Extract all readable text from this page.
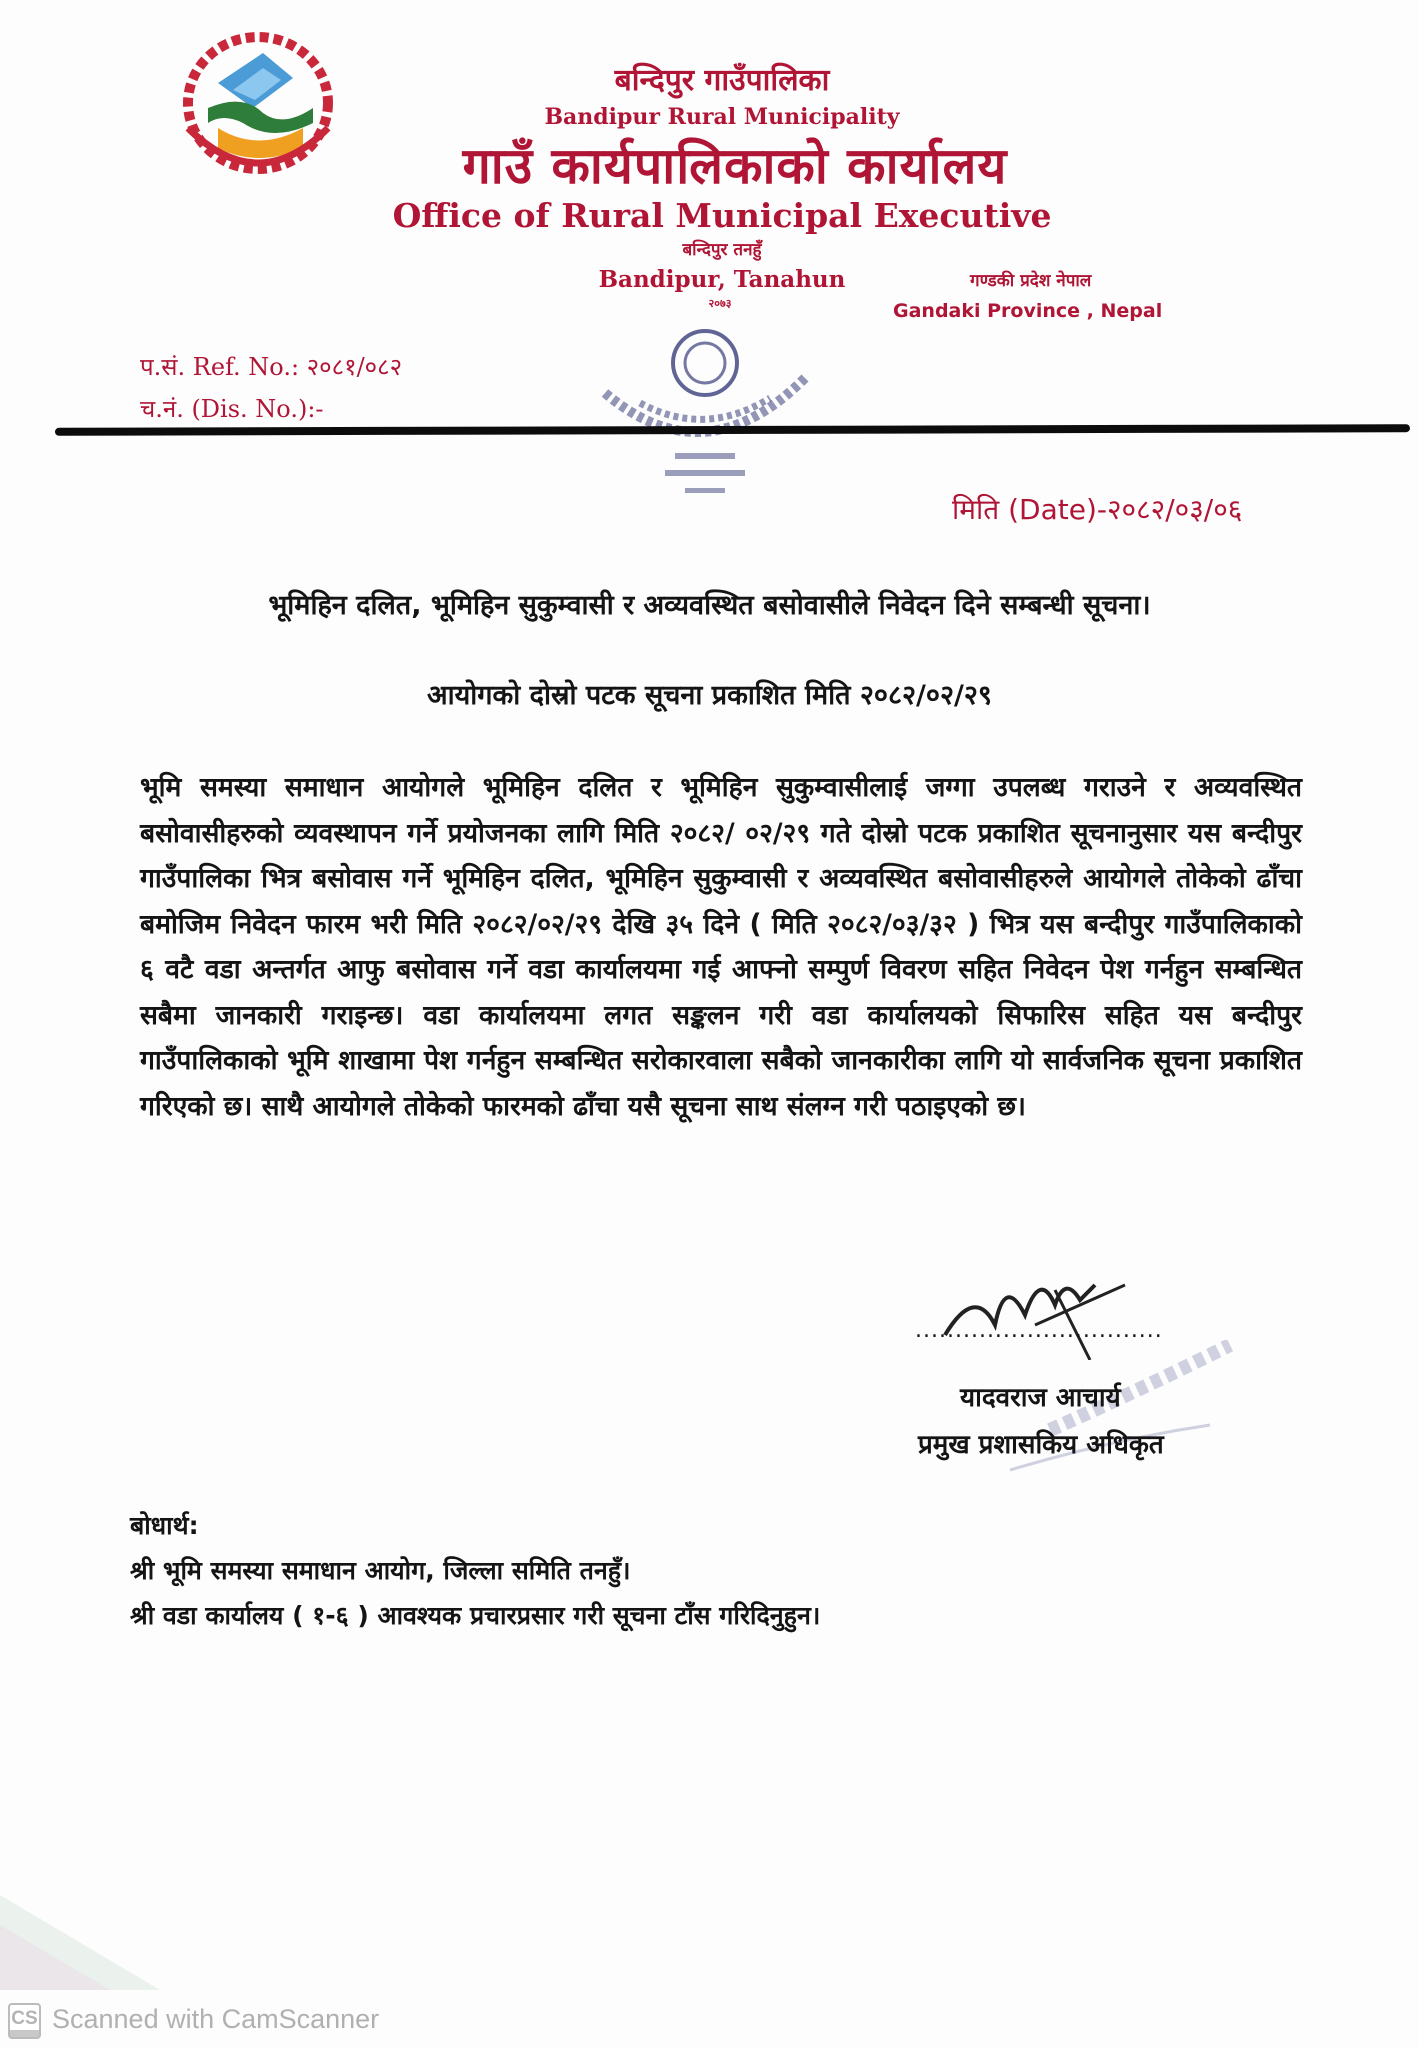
बन्दिपुर गाउँपालिका
Bandipur Rural Municipality
गाउँ कार्यपालिकाको कार्यालय
Office of Rural Municipal Executive
बन्दिपुर तनहुँ
Bandipur, Tanahun
२०७३
गण्डकी प्रदेश नेपाल
Gandaki Province , Nepal
प.सं. Ref. No.: २०८१/०८२
च.नं. (Dis. No.):-
मिति (Date)-२०८२/०३/०६
भूमिहिन दलित, भूमिहिन सुकुम्वासी र अव्यवस्थित बसोवासीले निवेदन दिने सम्बन्धी सूचना।
आयोगको दोस्रो पटक सूचना प्रकाशित मिति २०८२/०२/२९
भूमि समस्या समाधान आयोगले भूमिहिन दलित र भूमिहिन सुकुम्वासीलाई जग्गा उपलब्ध गराउने र अव्यवस्थित बसोवासीहरुको व्यवस्थापन गर्ने प्रयोजनका लागि मिति २०८२/ ०२/२९ गते दोस्रो पटक प्रकाशित सूचनानुसार यस बन्दीपुर गाउँपालिका भित्र बसोवास गर्ने भूमिहिन दलित, भूमिहिन सुकुम्वासी र अव्यवस्थित बसोवासीहरुले आयोगले तोकेको ढाँचा बमोजिम निवेदन फारम भरी मिति २०८२/०२/२९ देखि ३५ दिने ( मिति २०८२/०३/३२ ) भित्र यस बन्दीपुर गाउँपालिकाको ६ वटै वडा अन्तर्गत आफु बसोवास गर्ने वडा कार्यालयमा गई आफ्नो सम्पुर्ण विवरण सहित निवेदन पेश गर्नहुन सम्बन्धित सबैमा जानकारी गराइन्छ। वडा कार्यालयमा लगत सङ्कलन गरी वडा कार्यालयको सिफारिस सहित यस बन्दीपुर गाउँपालिकाको भूमि शाखामा पेश गर्नहुन सम्बन्धित सरोकारवाला सबैको जानकारीका लागि यो सार्वजनिक सूचना प्रकाशित गरिएको छ। साथै आयोगले तोकेको फारमको ढाँचा यसै सूचना साथ संलग्न गरी पठाइएको छ।
...............................
यादवराज आचार्य
प्रमुख प्रशासकिय अधिकृत
बोधार्थ:
श्री भूमि समस्या समाधान आयोग, जिल्ला समिति तनहुँ।
श्री वडा कार्यालय ( १-६ ) आवश्यक प्रचारप्रसार गरी सूचना टाँस गरिदिनुहुन।
CS Scanned with CamScanner
